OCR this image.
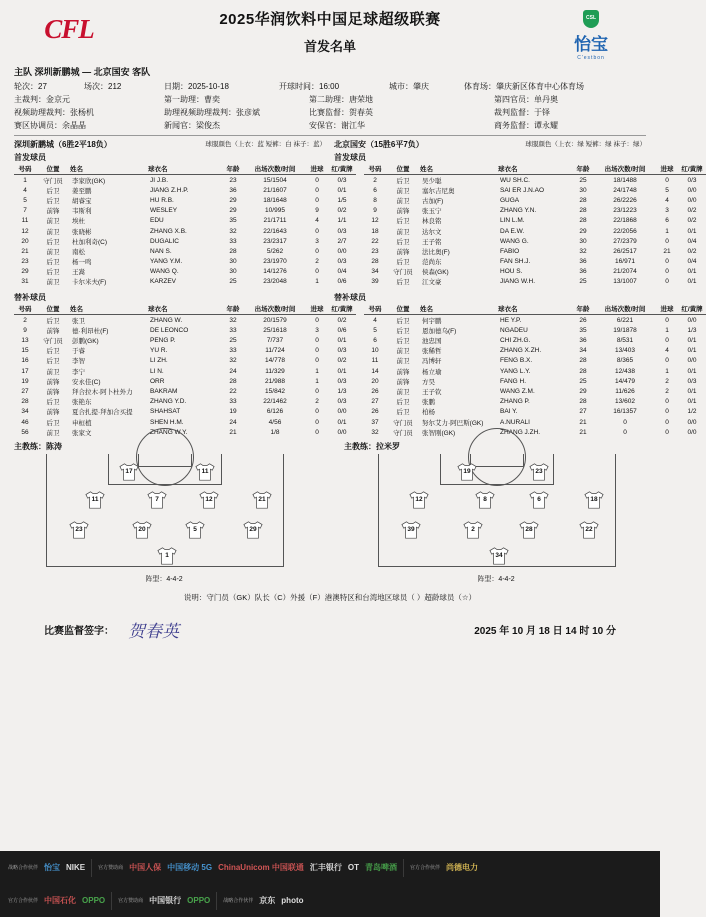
CFL	2025华润饮料中国足球超级联赛
首发名单
CSL	怡宝
C'estbon
主队 深圳新鹏城 — 北京国安 客队
轮次：27	场次：212	日期：2025-10-18	开球时间：16:00	城市：肇庆	体育场：肇庆新区体育中心体育场
主裁判：金京元	第一助理：曹奕	第二助理：唐荣地	第四官员：单丹奥
视频助理裁判：张杨机	助理视频助理裁判：张彦斌	比赛监督：贺春英	裁判监督：于铎
赛区协调员：余晶晶	新闻官：梁俊杰	安保官：谢江华	商务监督：谭永耀
深圳新鹏城（6胜2平18负）	球服颜色（上衣：蓝 短裤：白 袜子：蓝） 北京国安（15胜6平7负）	球服颜色（上衣：绿 短裤：绿 袜子：绿）
首发球员	首发球员
号码	位置	姓名	球衣名	年龄	出场次数/时间	进球	红/黄牌
1	守门员	李家欣(GK)	JI J.B.	23	15/1504	0	0/3
4	后卫	姜至鹏	JIANG Z.H.P.	36	21/1607	0	0/1
5	后卫	胡睿宝	HU R.B.	29	18/1648	0	1/5
7	前锋	韦斯利	WESLEY	29	10/995	9	0/2
11	前卫	埃杜	EDU	35	21/1711	4	1/1
12	前卫	张晓彬	ZHANG X.B.	32	22/1643	0	0/3
20	后卫	杜加利奇(C)	DUGALIC	33	23/2317	3	2/7
21	前卫	南松	NAN S.	28	5/262	0	0/0
23	后卫	杨一鸣	YANG Y.M.	30	23/1970	2	0/3
29	后卫	王嵩	WANG Q.	30	14/1276	0	0/4
31	前卫	卡尔米夫(F)	KARZEV	25	23/2048	1	0/6
号码	位置	姓名	球衣名	年龄	出场次数/时间	进球	红/黄牌
2	后卫	吴少聪	WU SH.C.	25	18/1488	0	0/3
6	前卫	塞尔吉尼奥	SAI ER J.N.AO	30	24/1748	5	0/0
8	前卫	古加(F)	GUGA	28	26/2226	4	0/0
9	前锋	张玉宁	ZHANG Y.N.	28	23/1223	3	0/2
12	后卫	林良铭	LIN L.M.	28	22/1868	6	0/2
18	前卫	达尔文	DA E.W.	29	22/2056	1	0/1
22	后卫	王子铭	WANG G.	30	27/2379	0	0/4
23	前锋	法比奥(F)	FABIO	32	26/2517	21	0/2
28	后卫	范尚东	FAN SH.J.	36	16/971	0	0/4
34	守门员	侯森(GK)	HOU S.	36	21/2074	0	0/1
39	后卫	江文豪	JIANG W.H.	25	13/1007	0	0/1
替补球员	替补球员
号码	位置	姓名	球衣名	年龄	出场次数/时间	进球	红/黄牌
2	后卫	张卫	ZHANG W.	32	20/1579	0	0/2
9	前锋	德·利昂杜(F)	DE LEONCO	33	25/1618	3	0/6
13	守门员	彭鹏(GK)	PENG P.	25	7/737	0	0/1
15	后卫	于睿	YU R.	33	11/724	0	0/3
16	后卫	李智	LI ZH.	32	14/778	0	0/2
17	前卫	李宁	LI N.	24	11/329	1	0/1
19	前锋	安永佳(C)	ORR	28	21/988	1	0/3
27	前锋	拜合拉木·阿卜杜外力	BAKRAM	22	15/842	0	1/3
28	后卫	张艳东	ZHANG Y.D.	33	22/1462	2	0/3
34	前锋	夏合扎提·拜加合买提	SHAHSAT	19	6/126	0	0/0
46	后卫	申桓植	SHEN H.M.	24	4/56	0	0/1
56	前卫	张家文	ZHANG W.Y.	21	1/8	0	0/0
号码	位置	姓名	球衣名	年龄	出场次数/时间	进球	红/黄牌
4	后卫	何宇鹏	HE Y.P.	26	6/221	0	0/0
5	后卫	恩加德乌(F)	NGADEU	35	19/1878	1	1/3
6	后卫	池忠国	CHI ZH.G.	36	8/531	0	0/1
10	前卫	张稀哲	ZHANG X.ZH.	34	13/403	4	0/1
11	前卫	冯博轩	FENG B.X.	28	8/365	0	0/0
14	前锋	杨立瑜	YANG L.Y.	28	12/438	1	0/1
20	前锋	方昊	FANG H.	25	14/479	2	0/3
26	前卫	王子钦	WANG Z.M.	29	11/626	2	0/1
27	后卫	张鹏	ZHANG P.	28	13/602	0	0/1
26	后卫	柏杨	BAI Y.	27	16/1357	0	1/2
37	守门员	努尔艾力·阿巴斯(GK)	A.NURALI	21	0	0	0/0
32	守门员	张智刚(GK)	ZHANG J.ZH.	21	0	0	0/0
主教练：陈涛	主教练：拉米罗
17	11
11	7	12	21
23	20	5	29
1
19	23
12	8	6	18
39	2	28	22
34
阵型：4-4-2	阵型：4-4-2
说明：守门员（GK）队长（C）外援（F）港澳特区和台湾地区球员（ ）超龄球员（☆）
比赛监督签字： 贺春英	2025 年 10 月 18 日 14 时 10 分
战略合作伙伴 怡宝 NIKE	官方赞助商 中国人保 中国移动 5G ChinaUnicom 中国联通 汇丰银行 OT 青岛啤酒	官方合作伙伴 尚德电力
官方合作伙伴 中国石化 OPPO	官方赞助商 中国银行 OPPO	战略合作伙伴 京东 photo
